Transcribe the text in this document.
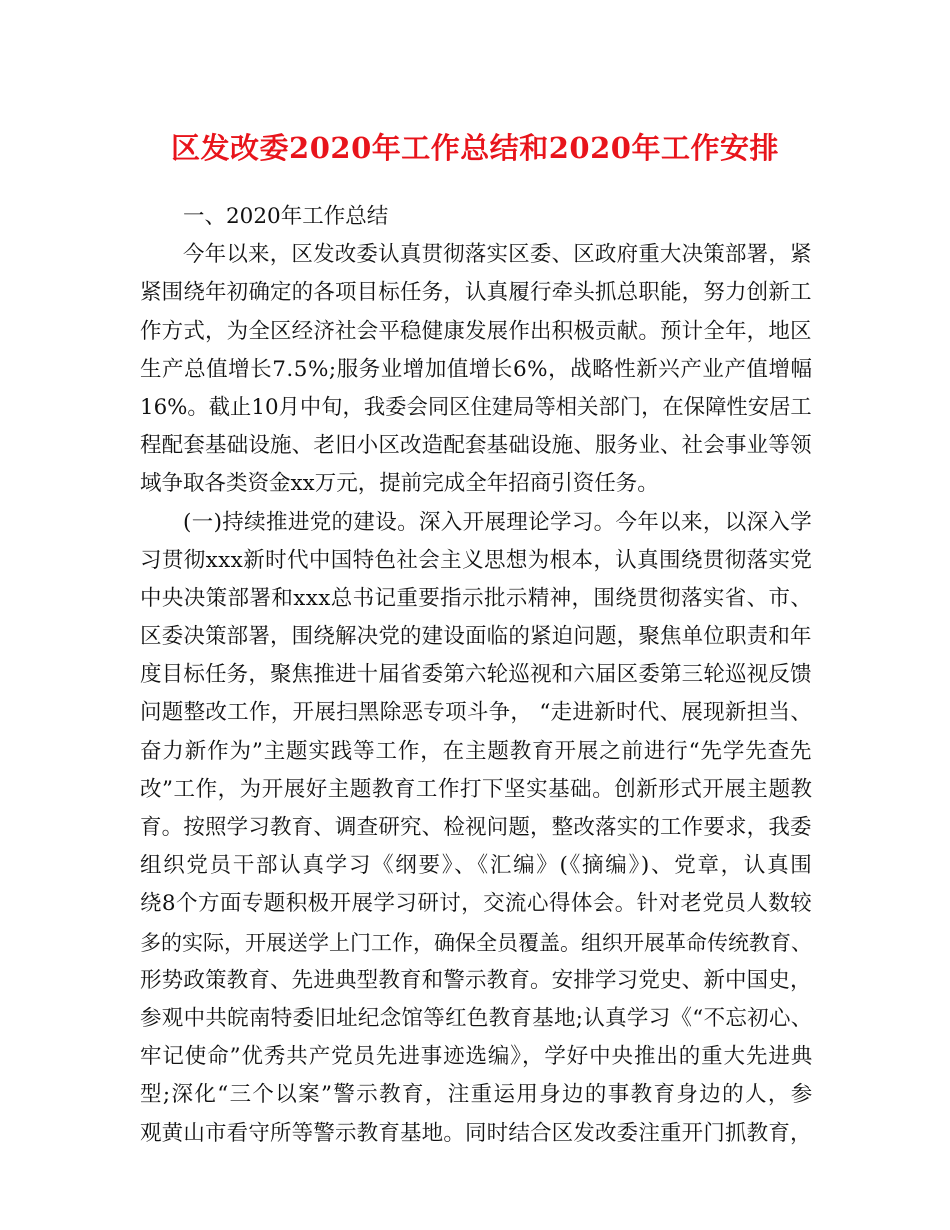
区发改委2020年工作总结和2020年工作安排
一、2020年工作总结
今年以来，区发改委认真贯彻落实区委、区政府重大决策部署，紧
紧围绕年初确定的各项目标任务，认真履行牵头抓总职能，努力创新工
作方式，为全区经济社会平稳健康发展作出积极贡献。预计全年，地区
生产总值增长7.5%;服务业增加值增长6%，战略性新兴产业产值增幅
16%。截止10月中旬，我委会同区住建局等相关部门，在保障性安居工
程配套基础设施、老旧小区改造配套基础设施、服务业、社会事业等领
域争取各类资金xx万元，提前完成全年招商引资任务。
(一)持续推进党的建设。深入开展理论学习。今年以来，以深入学
习贯彻xxx新时代中国特色社会主义思想为根本，认真围绕贯彻落实党
中央决策部署和xxx总书记重要指示批示精神，围绕贯彻落实省、市、
区委决策部署，围绕解决党的建设面临的紧迫问题，聚焦单位职责和年
度目标任务，聚焦推进十届省委第六轮巡视和六届区委第三轮巡视反馈
问题整改工作，开展扫黑除恶专项斗争， “走进新时代、展现新担当、
奋力新作为”主题实践等工作，在主题教育开展之前进行“先学先查先
改”工作，为开展好主题教育工作打下坚实基础。创新形式开展主题教
育。按照学习教育、调查研究、检视问题，整改落实的工作要求，我委
组织党员干部认真学习《纲要》、《汇编》(《摘编》)、党章，认真围
绕8个方面专题积极开展学习研讨，交流心得体会。针对老党员人数较
多的实际，开展送学上门工作，确保全员覆盖。组织开展革命传统教育、
形势政策教育、先进典型教育和警示教育。安排学习党史、新中国史，
参观中共皖南特委旧址纪念馆等红色教育基地;认真学习《“不忘初心、
牢记使命”优秀共产党员先进事迹选编》，学好中央推出的重大先进典
型;深化“三个以案”警示教育，注重运用身边的事教育身边的人，参
观黄山市看守所等警示教育基地。同时结合区发改委注重开门抓教育，
